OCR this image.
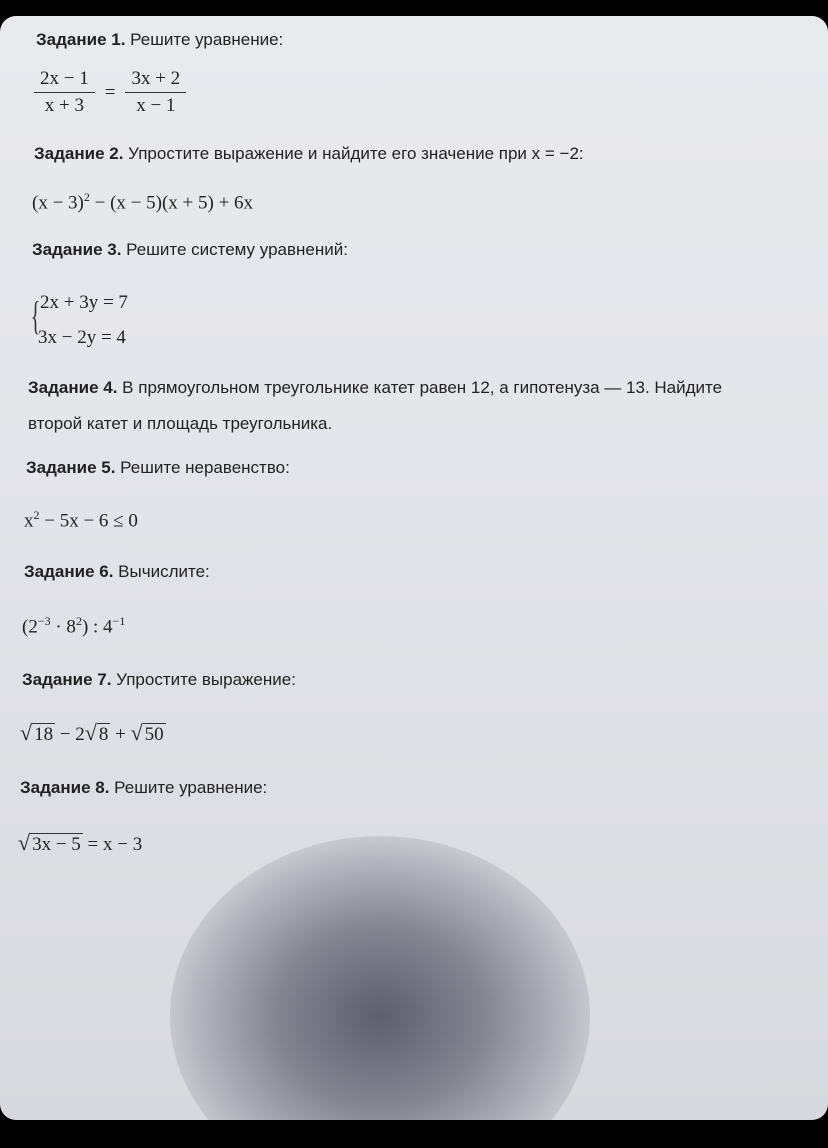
Задание 1. Решите уравнение:
$\frac{2x - 1}{x + 3} = \frac{3x + 2}{x - 1}$
Задание 2. Упростите выражение и найдите его значение при x = −2:
$(x - 3)^2 - (x - 5)(x + 5) + 6x$
Задание 3. Решите систему уравнений:
{ 2x + 3y = 7
3x − 2y = 4
Задание 4. В прямоугольном треугольнике катет равен 12, а гипотенуза — 13. Найдите
второй катет и площадь треугольника.
Задание 5. Решите неравенство:
$x^2 - 5x - 6 \le 0$
Задание 6. Вычислите:
$(2^{-3} \cdot 8^2)$ : $4^{-1}$
Задание 7. Упростите выражение:
√ 18 − 2√ 8 + √ 50
Задание 8. Решите уравнение:
√ 3x − 5 = x − 3
